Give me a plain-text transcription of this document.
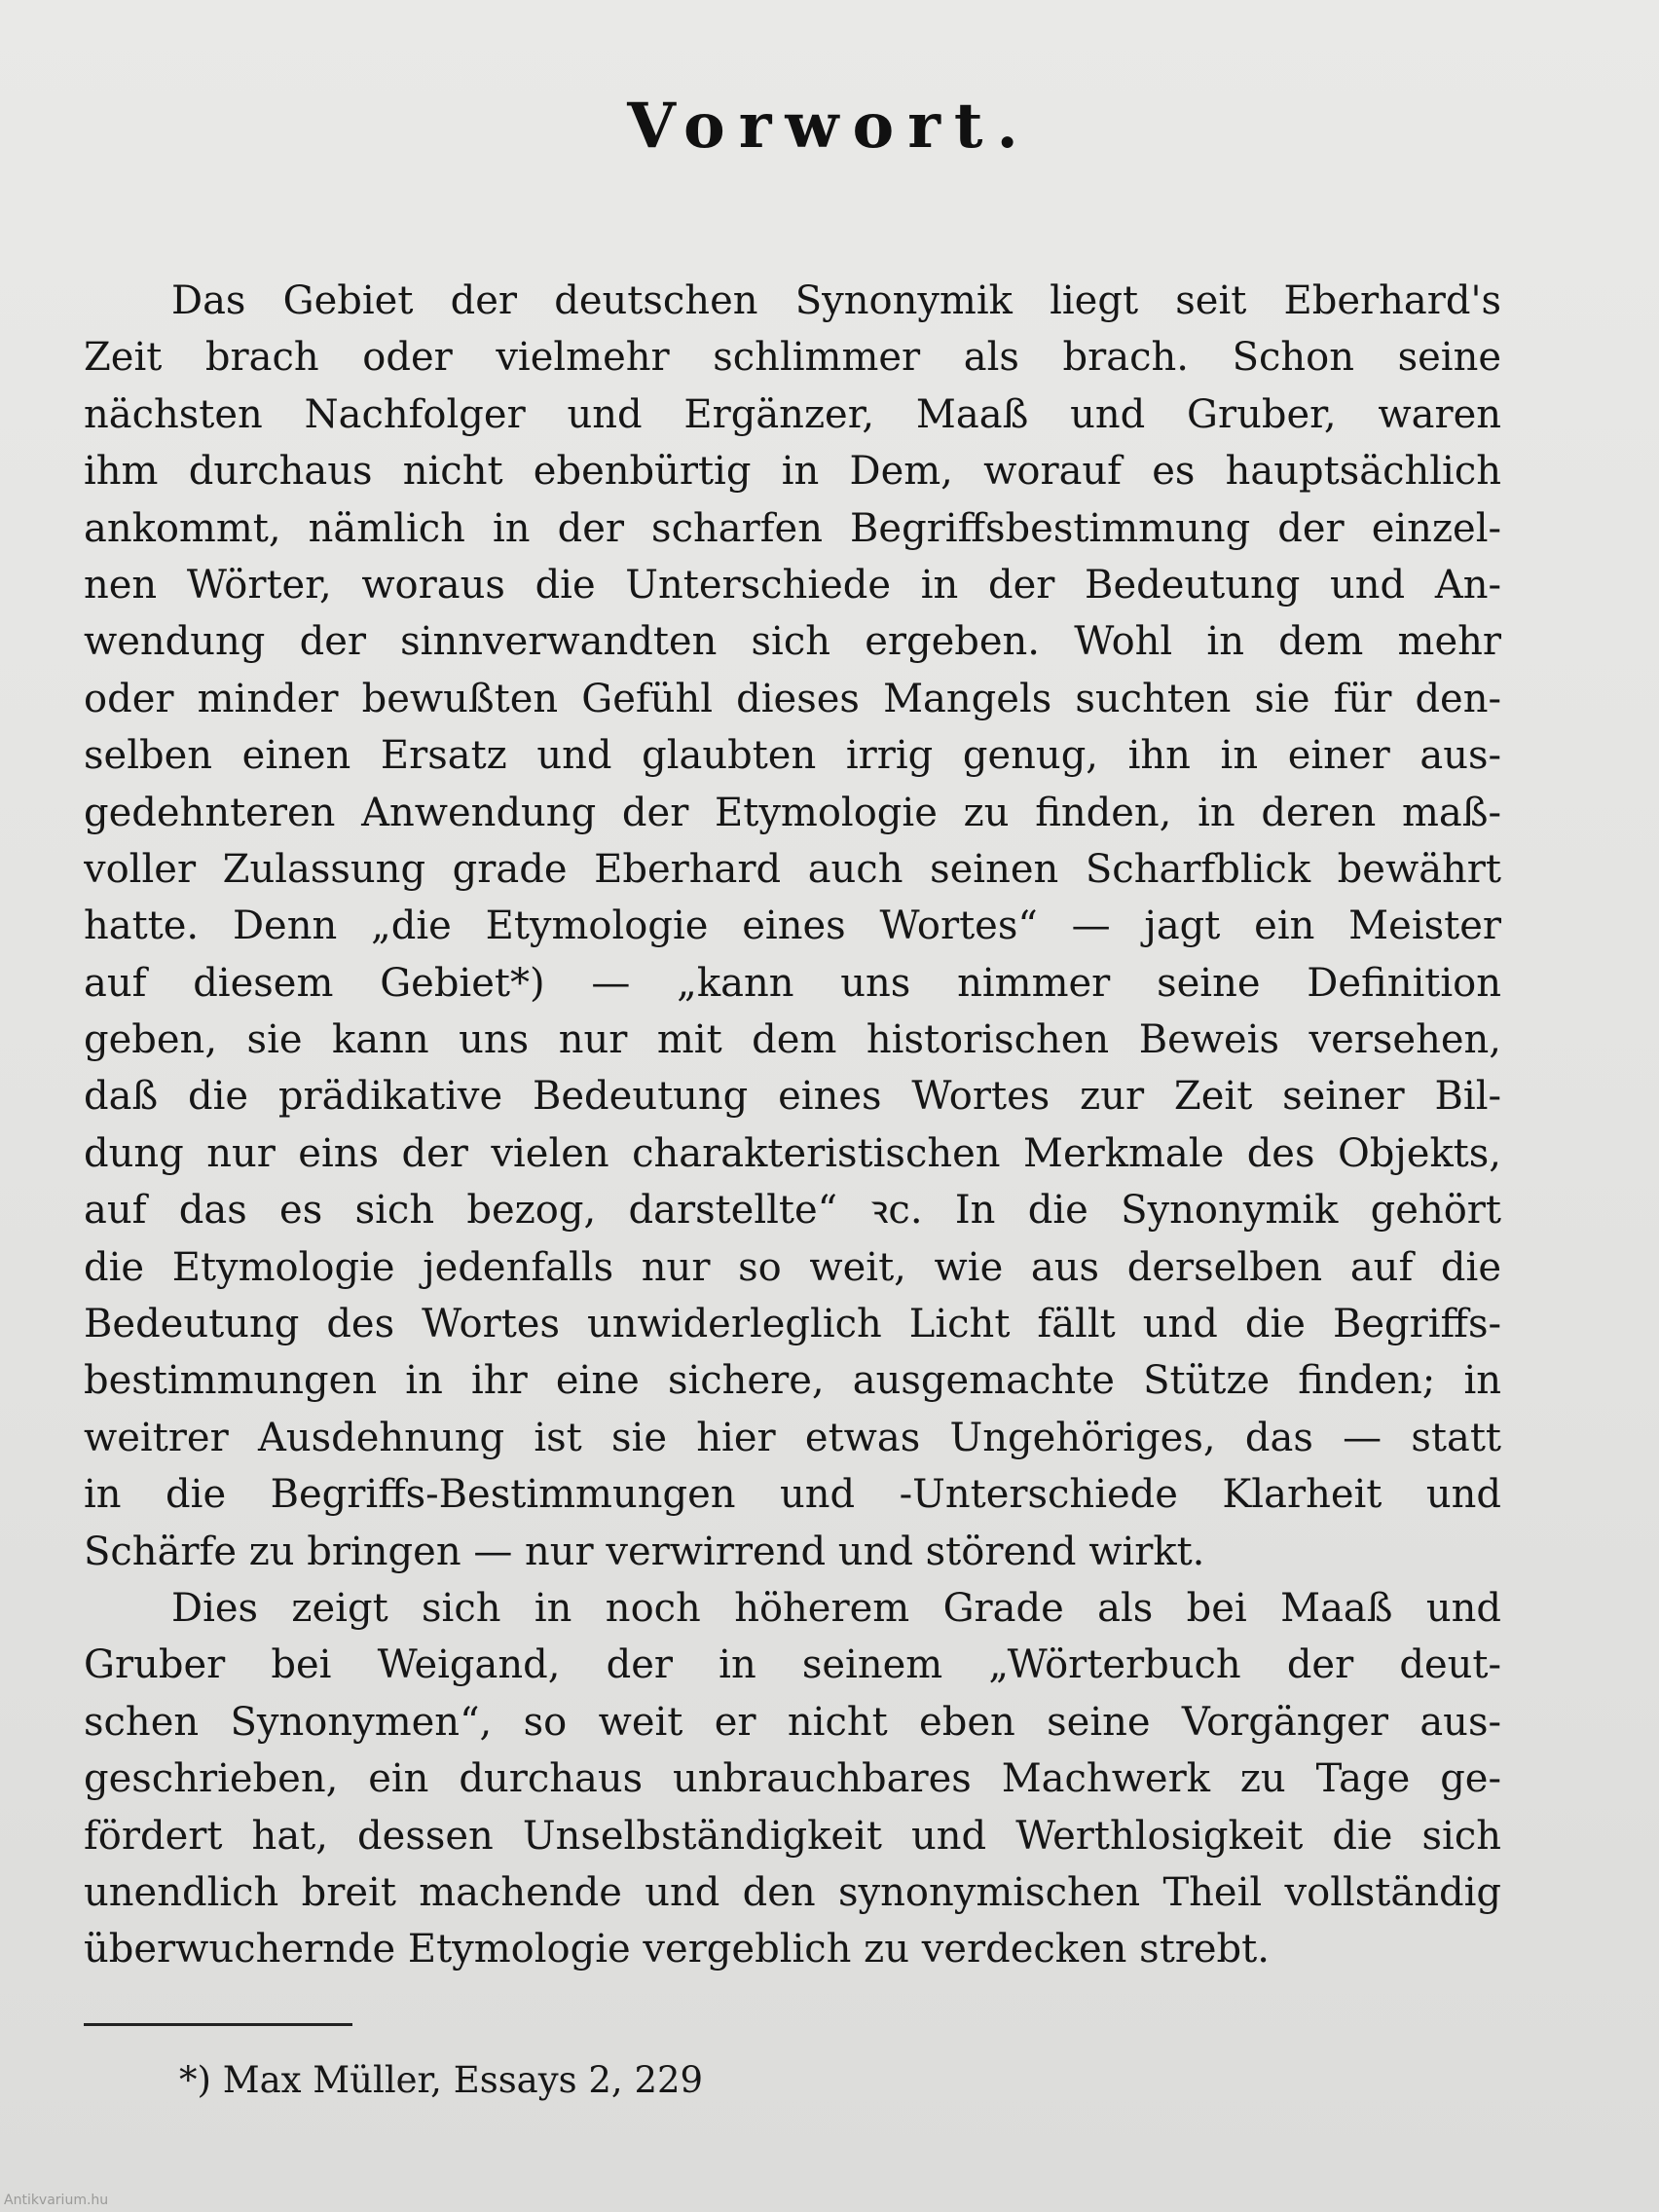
Vorwort.
Das Gebiet der deutschen Synonymik liegt seit Eberhard's
Zeit brach oder vielmehr schlimmer als brach. Schon seine
nächsten Nachfolger und Ergänzer, Maaß und Gruber, waren
ihm durchaus nicht ebenbürtig in Dem, worauf es hauptsächlich
ankommt, nämlich in der scharfen Begriffsbestimmung der einzel-
nen Wörter, woraus die Unterschiede in der Bedeutung und An-
wendung der sinnverwandten sich ergeben. Wohl in dem mehr
oder minder bewußten Gefühl dieses Mangels suchten sie für den-
selben einen Ersatz und glaubten irrig genug, ihn in einer aus-
gedehnteren Anwendung der Etymologie zu finden, in deren maß-
voller Zulassung grade Eberhard auch seinen Scharfblick bewährt
hatte. Denn „die Etymologie eines Wortes“ — jagt ein Meister
auf diesem Gebiet*) — „kann uns nimmer seine Definition
geben, sie kann uns nur mit dem historischen Beweis versehen,
daß die prädikative Bedeutung eines Wortes zur Zeit seiner Bil-
dung nur eins der vielen charakteristischen Merkmale des Objekts,
auf das es sich bezog, darstellte“ ꝛc. In die Synonymik gehört
die Etymologie jedenfalls nur so weit, wie aus derselben auf die
Bedeutung des Wortes unwiderleglich Licht fällt und die Begriffs-
bestimmungen in ihr eine sichere, ausgemachte Stütze finden; in
weitrer Ausdehnung ist sie hier etwas Ungehöriges, das — statt
in die Begriffs-Bestimmungen und -Unterschiede Klarheit und
Schärfe zu bringen — nur verwirrend und störend wirkt.
Dies zeigt sich in noch höherem Grade als bei Maaß und
Gruber bei Weigand, der in seinem „Wörterbuch der deut-
schen Synonymen“, so weit er nicht eben seine Vorgänger aus-
geschrieben, ein durchaus unbrauchbares Machwerk zu Tage ge-
fördert hat, dessen Unselbständigkeit und Werthlosigkeit die sich
unendlich breit machende und den synonymischen Theil vollständig
überwuchernde Etymologie vergeblich zu verdecken strebt.
*) Max Müller, Essays 2, 229
Antikvarium.hu
